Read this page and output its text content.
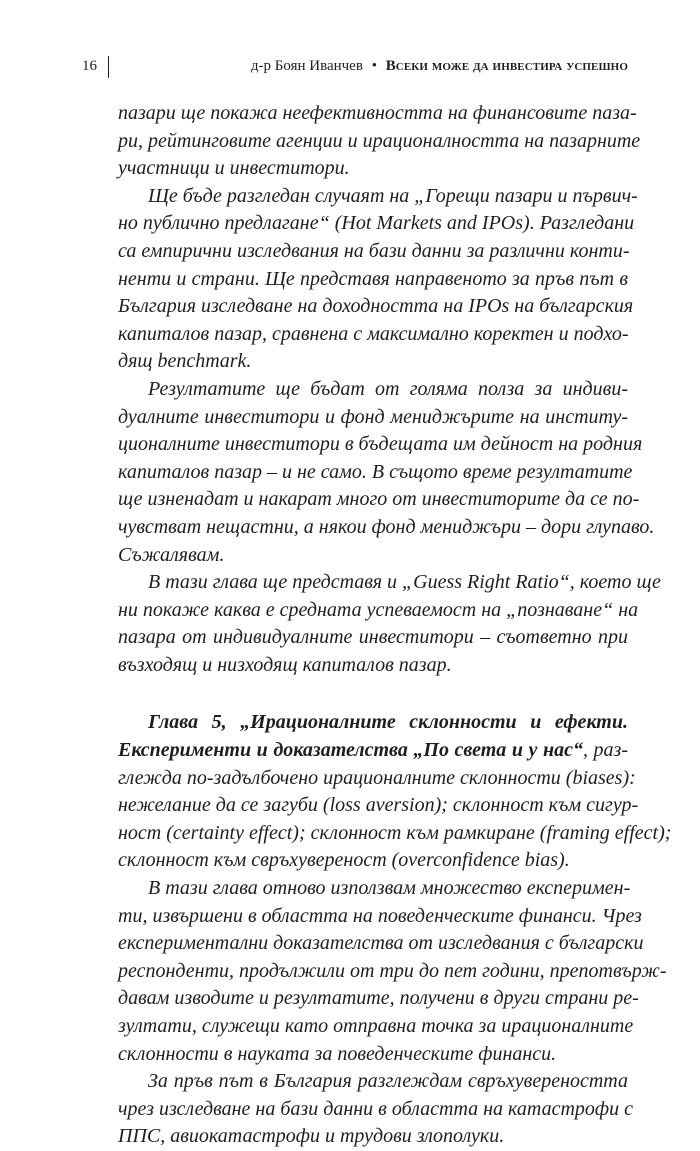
16	д-р Боян Иванчев • Всеки може да инвестира успешно
пазари ще покажа неефективността на финансовите паза-
ри, рейтинговите агенции и ирационалността на пазарните
участници и инвеститори.
Ще бъде разгледан случаят на „Горещи пазари и първич-
но публично предлагане“ (Hot Markets and IPOs). Разгледани
са емпирични изследвания на бази данни за различни конти-
ненти и страни. Ще представя направеното за пръв път в
България изследване на доходността на IPOs на българския
капиталов пазар, сравнена с максимално коректен и подхо-
дящ benchmark.
Резултатите ще бъдат от голяма полза за индиви-
дуалните инвеститори и фонд мениджърите на институ-
ционалните инвеститори в бъдещата им дейност на родния
капиталов пазар – и не само. В същото време резултатите
ще изненадат и накарат много от инвеститорите да се по-
чувстват нещастни, а някои фонд мениджъри – дори глупаво.
Съжалявам.
В тази глава ще представя и „Guess Right Ratio“, което ще
ни покаже каква е средната успеваемост на „познаване“ на
пазара от индивидуалните инвеститори – съответно при
възходящ и низходящ капиталов пазар.
Глава 5, „Ирационалните склонности и ефекти.
Експерименти и доказателства „По света и у нас“, раз-
глежда по-задълбочено ирационалните склонности (biases):
нежелание да се загуби (loss aversion); склонност към сигур-
ност (certainty effect); склонност към рамкиране (framing effect);
склонност към свръхувереност (overconfidence bias).
В тази глава отново използвам множество експеримен-
ти, извършени в областта на поведенческите финанси. Чрез
експериментални доказателства от изследвания с български
респонденти, продължили от три до пет години, препотвърж-
давам изводите и резултатите, получени в други страни ре-
зултати, служещи като отправна точка за ирационалните
склонности в науката за поведенческите финанси.
За пръв път в България разглеждам свръхувереността
чрез изследване на бази данни в областта на катастрофи с
ППС, авиокатастрофи и трудови злополуки.
